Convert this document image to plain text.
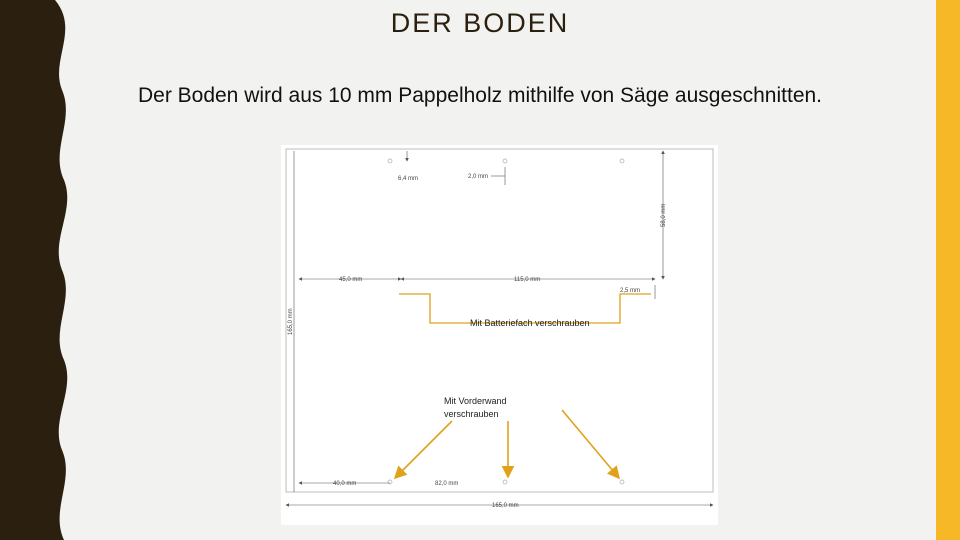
DER BODEN
Der Boden wird aus 10 mm Pappelholz mithilfe von Säge ausgeschnitten.
6,4 mm	2,0 mm
58,0 mm
45,0 mm	115,0 mm
2,5 mm
165,0 mm	Mit Batteriefach verschrauben
Mit Vorderwand
verschrauben
40,0 mm	82,0 mm
165,0 mm
